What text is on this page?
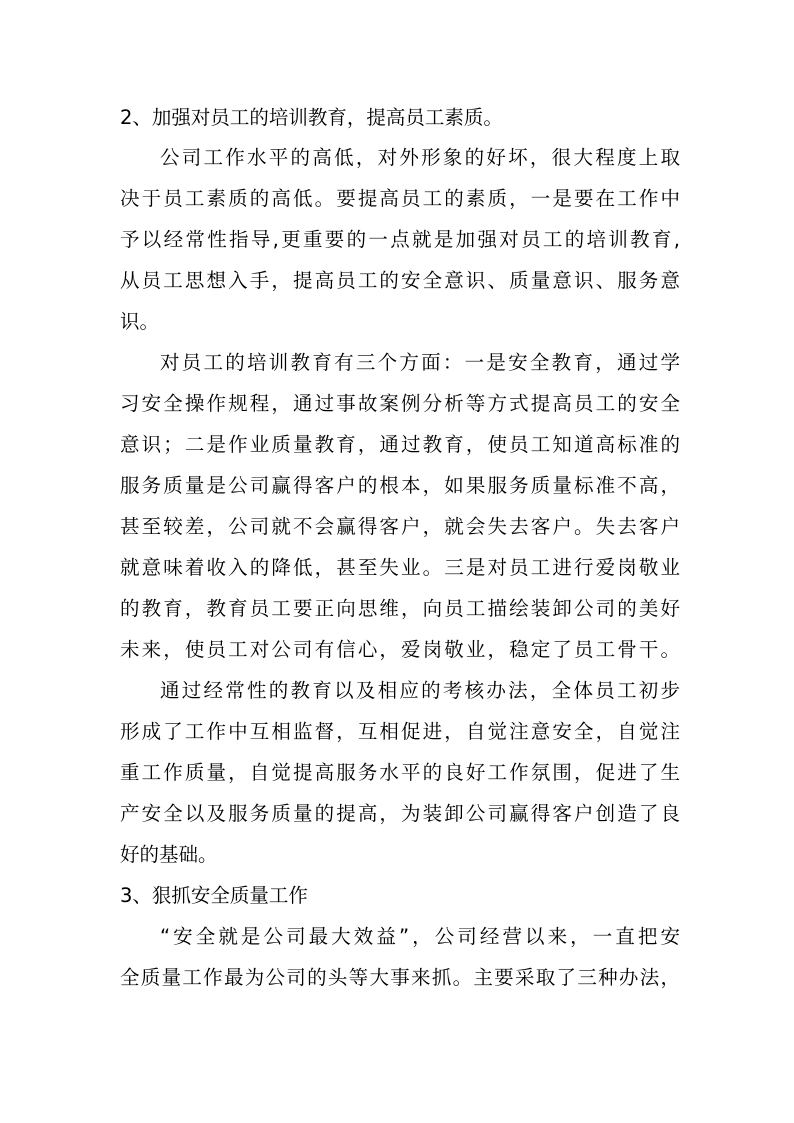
2、加强对员工的培训教育，提高员工素质。
公司工作水平的高低，对外形象的好坏，很大程度上取
决于员工素质的高低。要提高员工的素质，一是要在工作中
予以经常性指导,更重要的一点就是加强对员工的培训教育,
从员工思想入手，提高员工的安全意识、质量意识、服务意
识。
对员工的培训教育有三个方面：一是安全教育，通过学
习安全操作规程，通过事故案例分析等方式提高员工的安全
意识；二是作业质量教育，通过教育，使员工知道高标准的
服务质量是公司赢得客户的根本，如果服务质量标准不高，
甚至较差，公司就不会赢得客户，就会失去客户。失去客户
就意味着收入的降低，甚至失业。三是对员工进行爱岗敬业
的教育，教育员工要正向思维，向员工描绘装卸公司的美好
未来，使员工对公司有信心，爱岗敬业，稳定了员工骨干。
通过经常性的教育以及相应的考核办法，全体员工初步
形成了工作中互相监督，互相促进，自觉注意安全，自觉注
重工作质量，自觉提高服务水平的良好工作氛围，促进了生
产安全以及服务质量的提高，为装卸公司赢得客户创造了良
好的基础。
3、狠抓安全质量工作
“安全就是公司最大效益”，公司经营以来，一直把安
全质量工作最为公司的头等大事来抓。主要采取了三种办法，
